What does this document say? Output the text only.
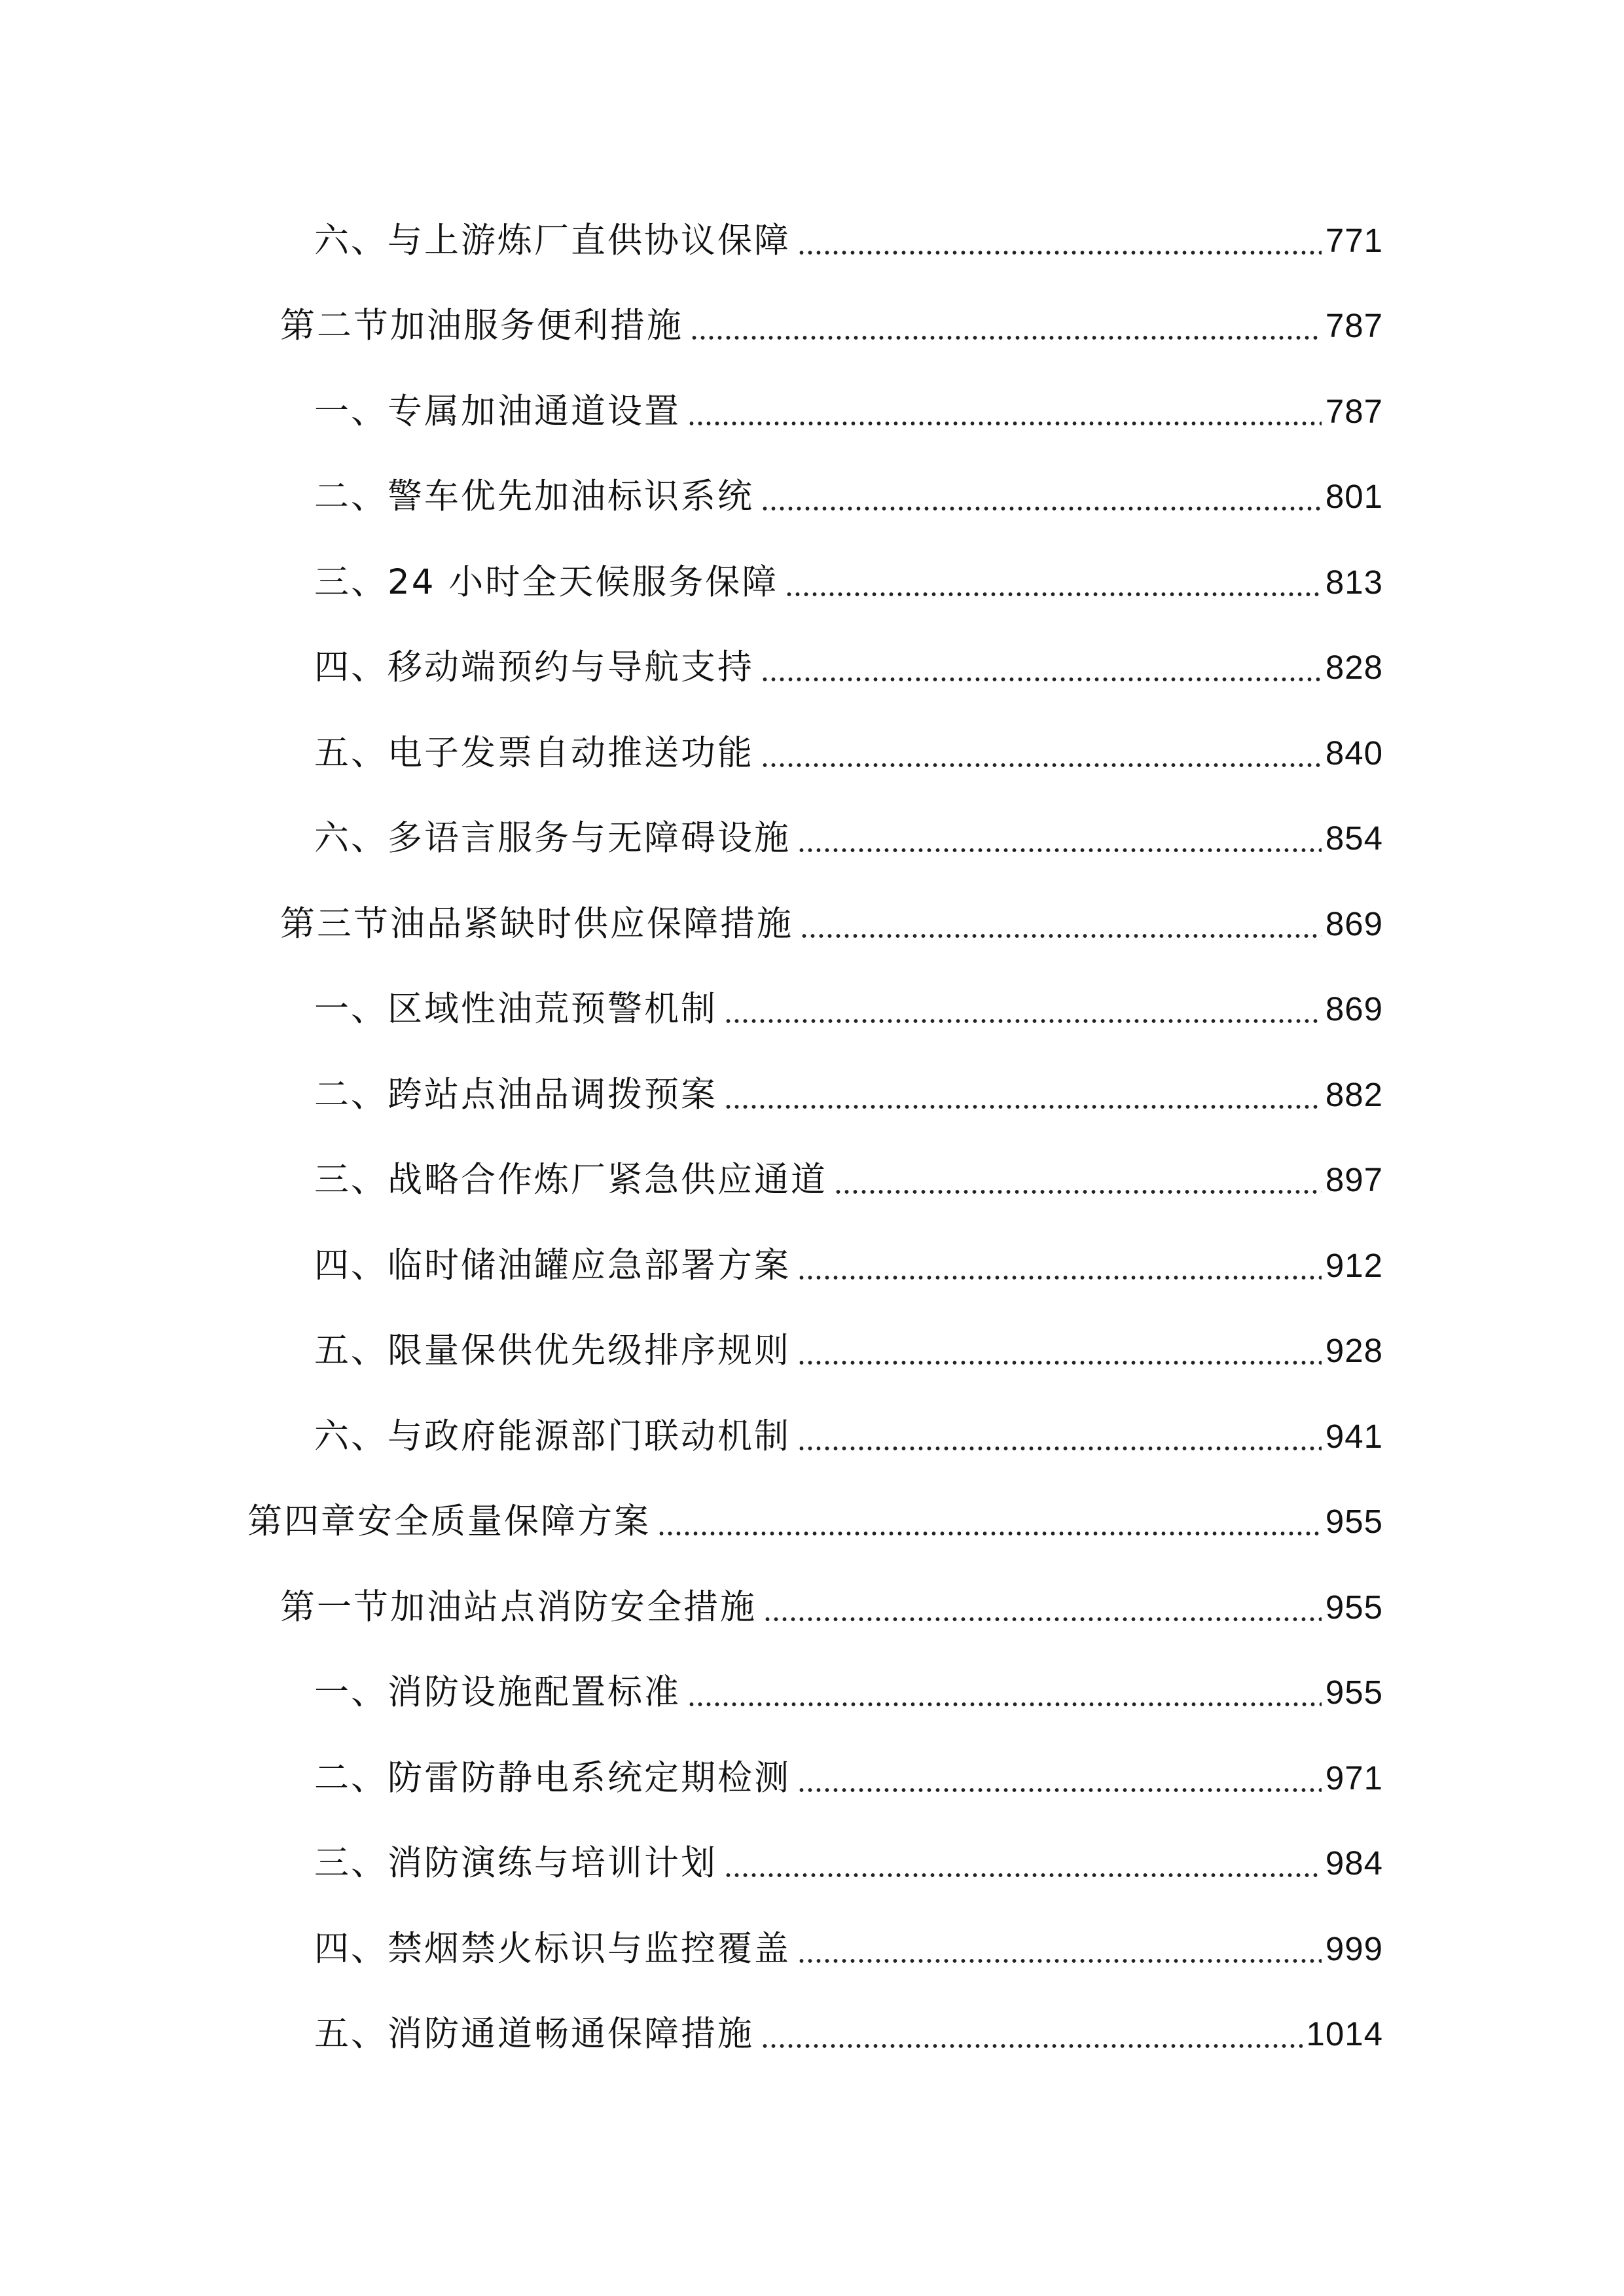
六、与上游炼厂直供协议保障	771
第二节加油服务便利措施	787
一、专属加油通道设置	787
二、警车优先加油标识系统	801
三、24 小时全天候服务保障	813
四、移动端预约与导航支持	828
五、电子发票自动推送功能	840
六、多语言服务与无障碍设施	854
第三节油品紧缺时供应保障措施	869
一、区域性油荒预警机制	869
二、跨站点油品调拨预案	882
三、战略合作炼厂紧急供应通道	897
四、临时储油罐应急部署方案	912
五、限量保供优先级排序规则	928
六、与政府能源部门联动机制	941
第四章安全质量保障方案	955
第一节加油站点消防安全措施	955
一、消防设施配置标准	955
二、防雷防静电系统定期检测	971
三、消防演练与培训计划	984
四、禁烟禁火标识与监控覆盖	999
五、消防通道畅通保障措施	1014
